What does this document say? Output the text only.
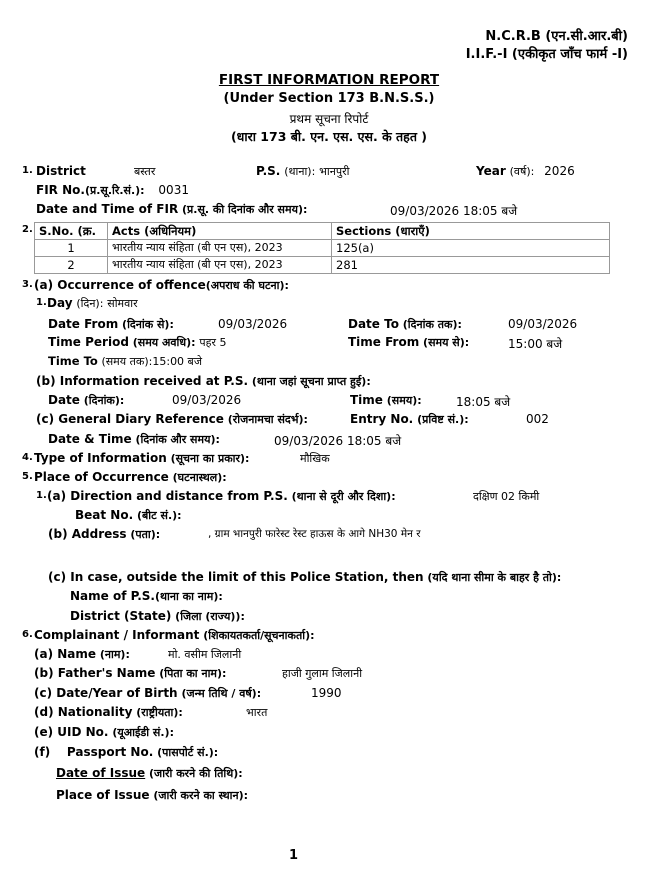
N.C.R.B (एन.सी.आर.बी)
I.I.F.-I (एकीकृत जाँच फार्म -I)
FIRST INFORMATION REPORT
(Under Section 173 B.N.S.S.)
प्रथम सूचना रिपोर्ट
(धारा 173 बी. एन. एस. एस. के तहत )
1. District	बस्तर	P.S. (थाना): भानपुरी	Year (वर्ष): 2026
FIR No.(प्र.सू.रि.सं.): 0031
Date and Time of FIR (प्र.सू. की दिनांक और समय):	09/03/2026 18:05 बजे
2. S.No. (क्र.	Acts (अधिनियम)	Sections (धाराएँ)
1	भारतीय न्याय संहिता (बी एन एस), 2023	125(a)
2	भारतीय न्याय संहिता (बी एन एस), 2023	281
3. (a) Occurrence of offence(अपराध की घटना):
1. Day (दिन): सोमवार
Date From (दिनांक से):	09/03/2026	Date To (दिनांक तक):	09/03/2026
Time Period (समय अवधि): पहर 5	Time From (समय से):	15:00 बजे
Time To (समय तक):15:00 बजे
(b) Information received at P.S. (थाना जहां सूचना प्राप्त हुई):
Date (दिनांक):	09/03/2026	Time (समय):	18:05 बजे
(c) General Diary Reference (रोजनामचा संदर्भ):	Entry No. (प्रविष्ट सं.):	002
Date & Time (दिनांक और समय):	09/03/2026 18:05 बजे
4. Type of Information (सूचना का प्रकार):	मौखिक
5. Place of Occurrence (घटनास्थल):
1. (a) Direction and distance from P.S. (थाना से दूरी और दिशा):	दक्षिण 02 किमी
Beat No. (बीट सं.):
(b) Address (पता):	, ग्राम भानपुरी फारेस्ट रेस्ट हाऊस के आगे NH30 मेन र
(c) In case, outside the limit of this Police Station, then (यदि थाना सीमा के बाहर है तो):
Name of P.S.(थाना का नाम):
District (State) (जिला (राज्य)):
6. Complainant / Informant (शिकायतकर्ता/सूचनाकर्ता):
(a) Name (नाम):	मो. वसीम जिलानी
(b) Father's Name (पिता का नाम):	हाजी गुलाम जिलानी
(c) Date/Year of Birth (जन्म तिथि / वर्ष):	1990
(d) Nationality (राष्ट्रीयता):	भारत
(e) UID No. (यूआईडी सं.):
(f)    Passport No. (पासपोर्ट सं.):
Date of Issue (जारी करने की तिथि):
Place of Issue (जारी करने का स्थान):
1
